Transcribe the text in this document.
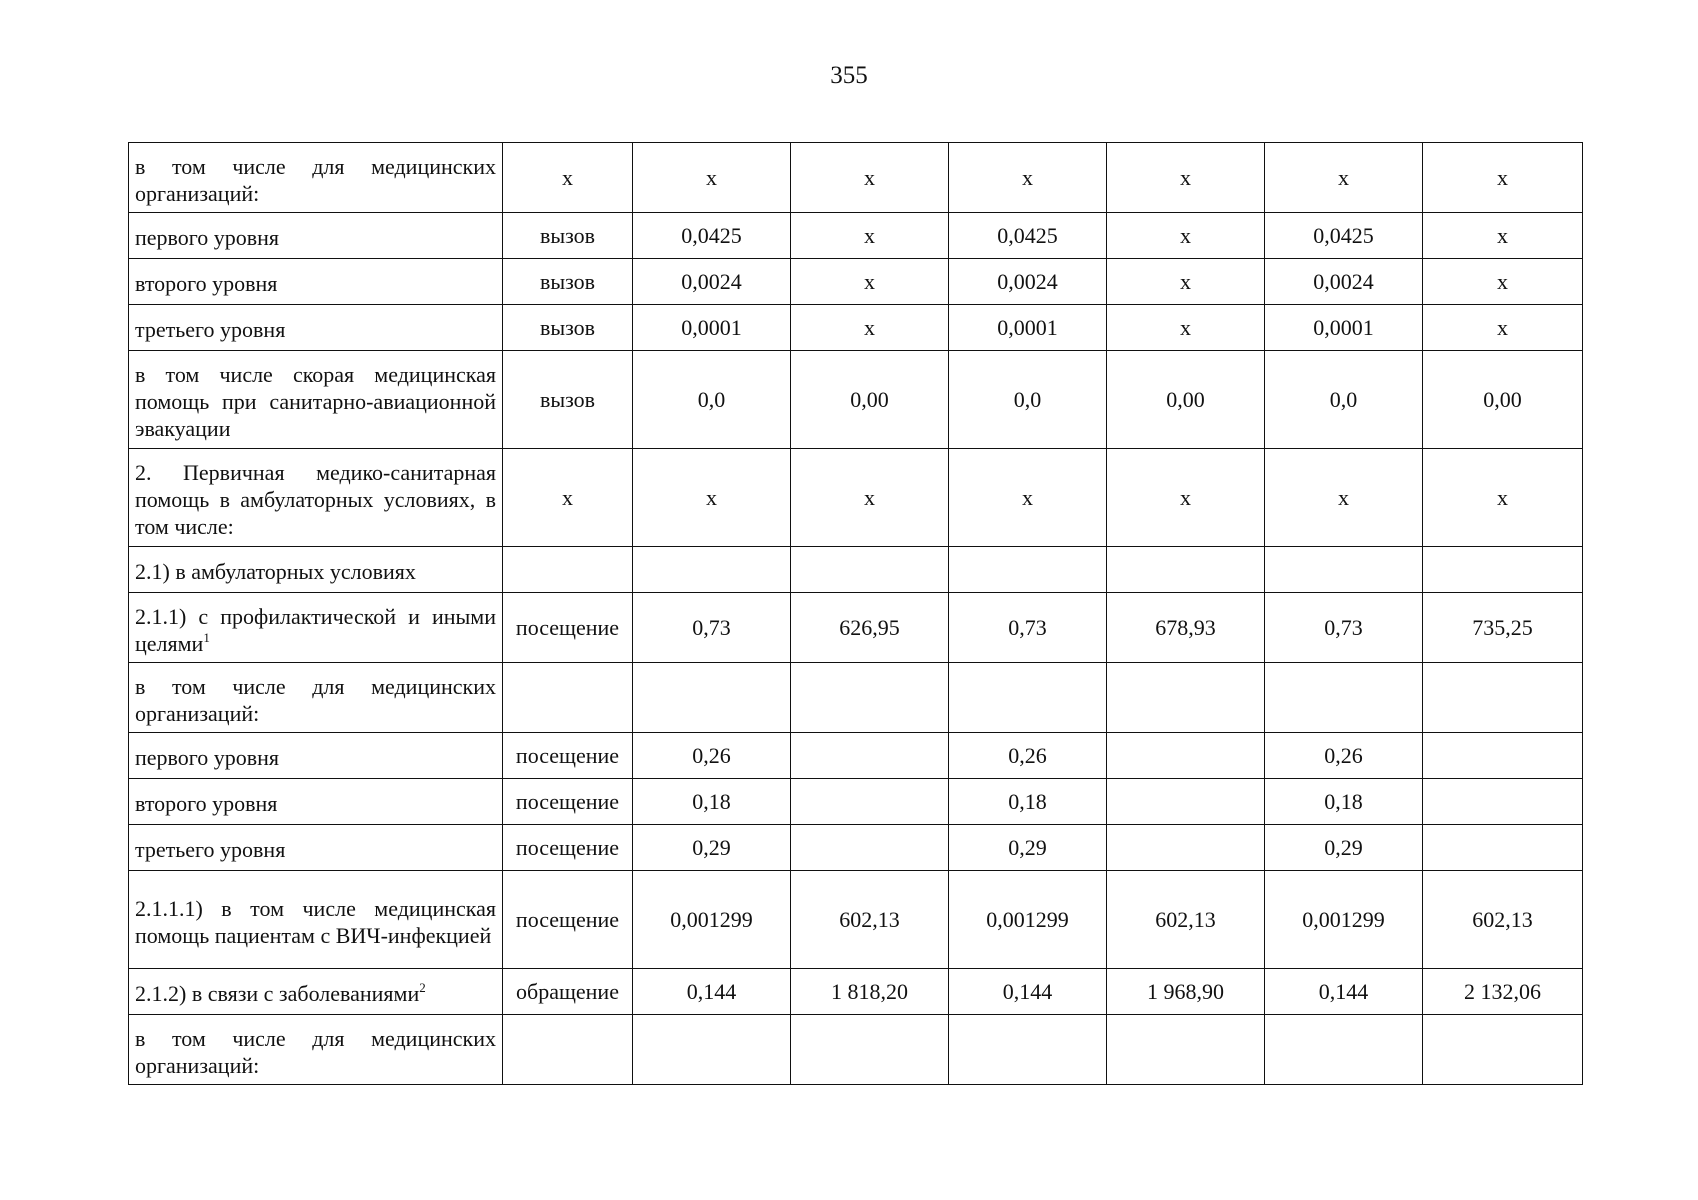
355
в том числе для медицинских организаций:	х	х	х	х	х	х	х
первого уровня	вызов	0,0425	х	0,0425	х	0,0425	х
второго уровня	вызов	0,0024	х	0,0024	х	0,0024	х
третьего уровня	вызов	0,0001	х	0,0001	х	0,0001	х
в том числе скорая медицинская помощь при санитарно-авиационной эвакуации	вызов	0,0	0,00	0,0	0,00	0,0	0,00
2. Первичная медико-санитарная помощь в амбулаторных условиях, в том числе:	х	х	х	х	х	х	х
2.1) в амбулаторных условиях							
2.1.1) с профилактической и иными целями$^1$	посещение	0,73	626,95	0,73	678,93	0,73	735,25
в том числе для медицинских организаций:							
первого уровня	посещение	0,26		0,26		0,26	
второго уровня	посещение	0,18		0,18		0,18	
третьего уровня	посещение	0,29		0,29		0,29	
2.1.1.1) в том числе медицинская помощь пациентам с ВИЧ-инфекцией	посещение	0,001299	602,13	0,001299	602,13	0,001299	602,13
2.1.2) в связи с заболеваниями$^2$	обращение	0,144	1 818,20	0,144	1 968,90	0,144	2 132,06
в том числе для медицинских организаций:							
